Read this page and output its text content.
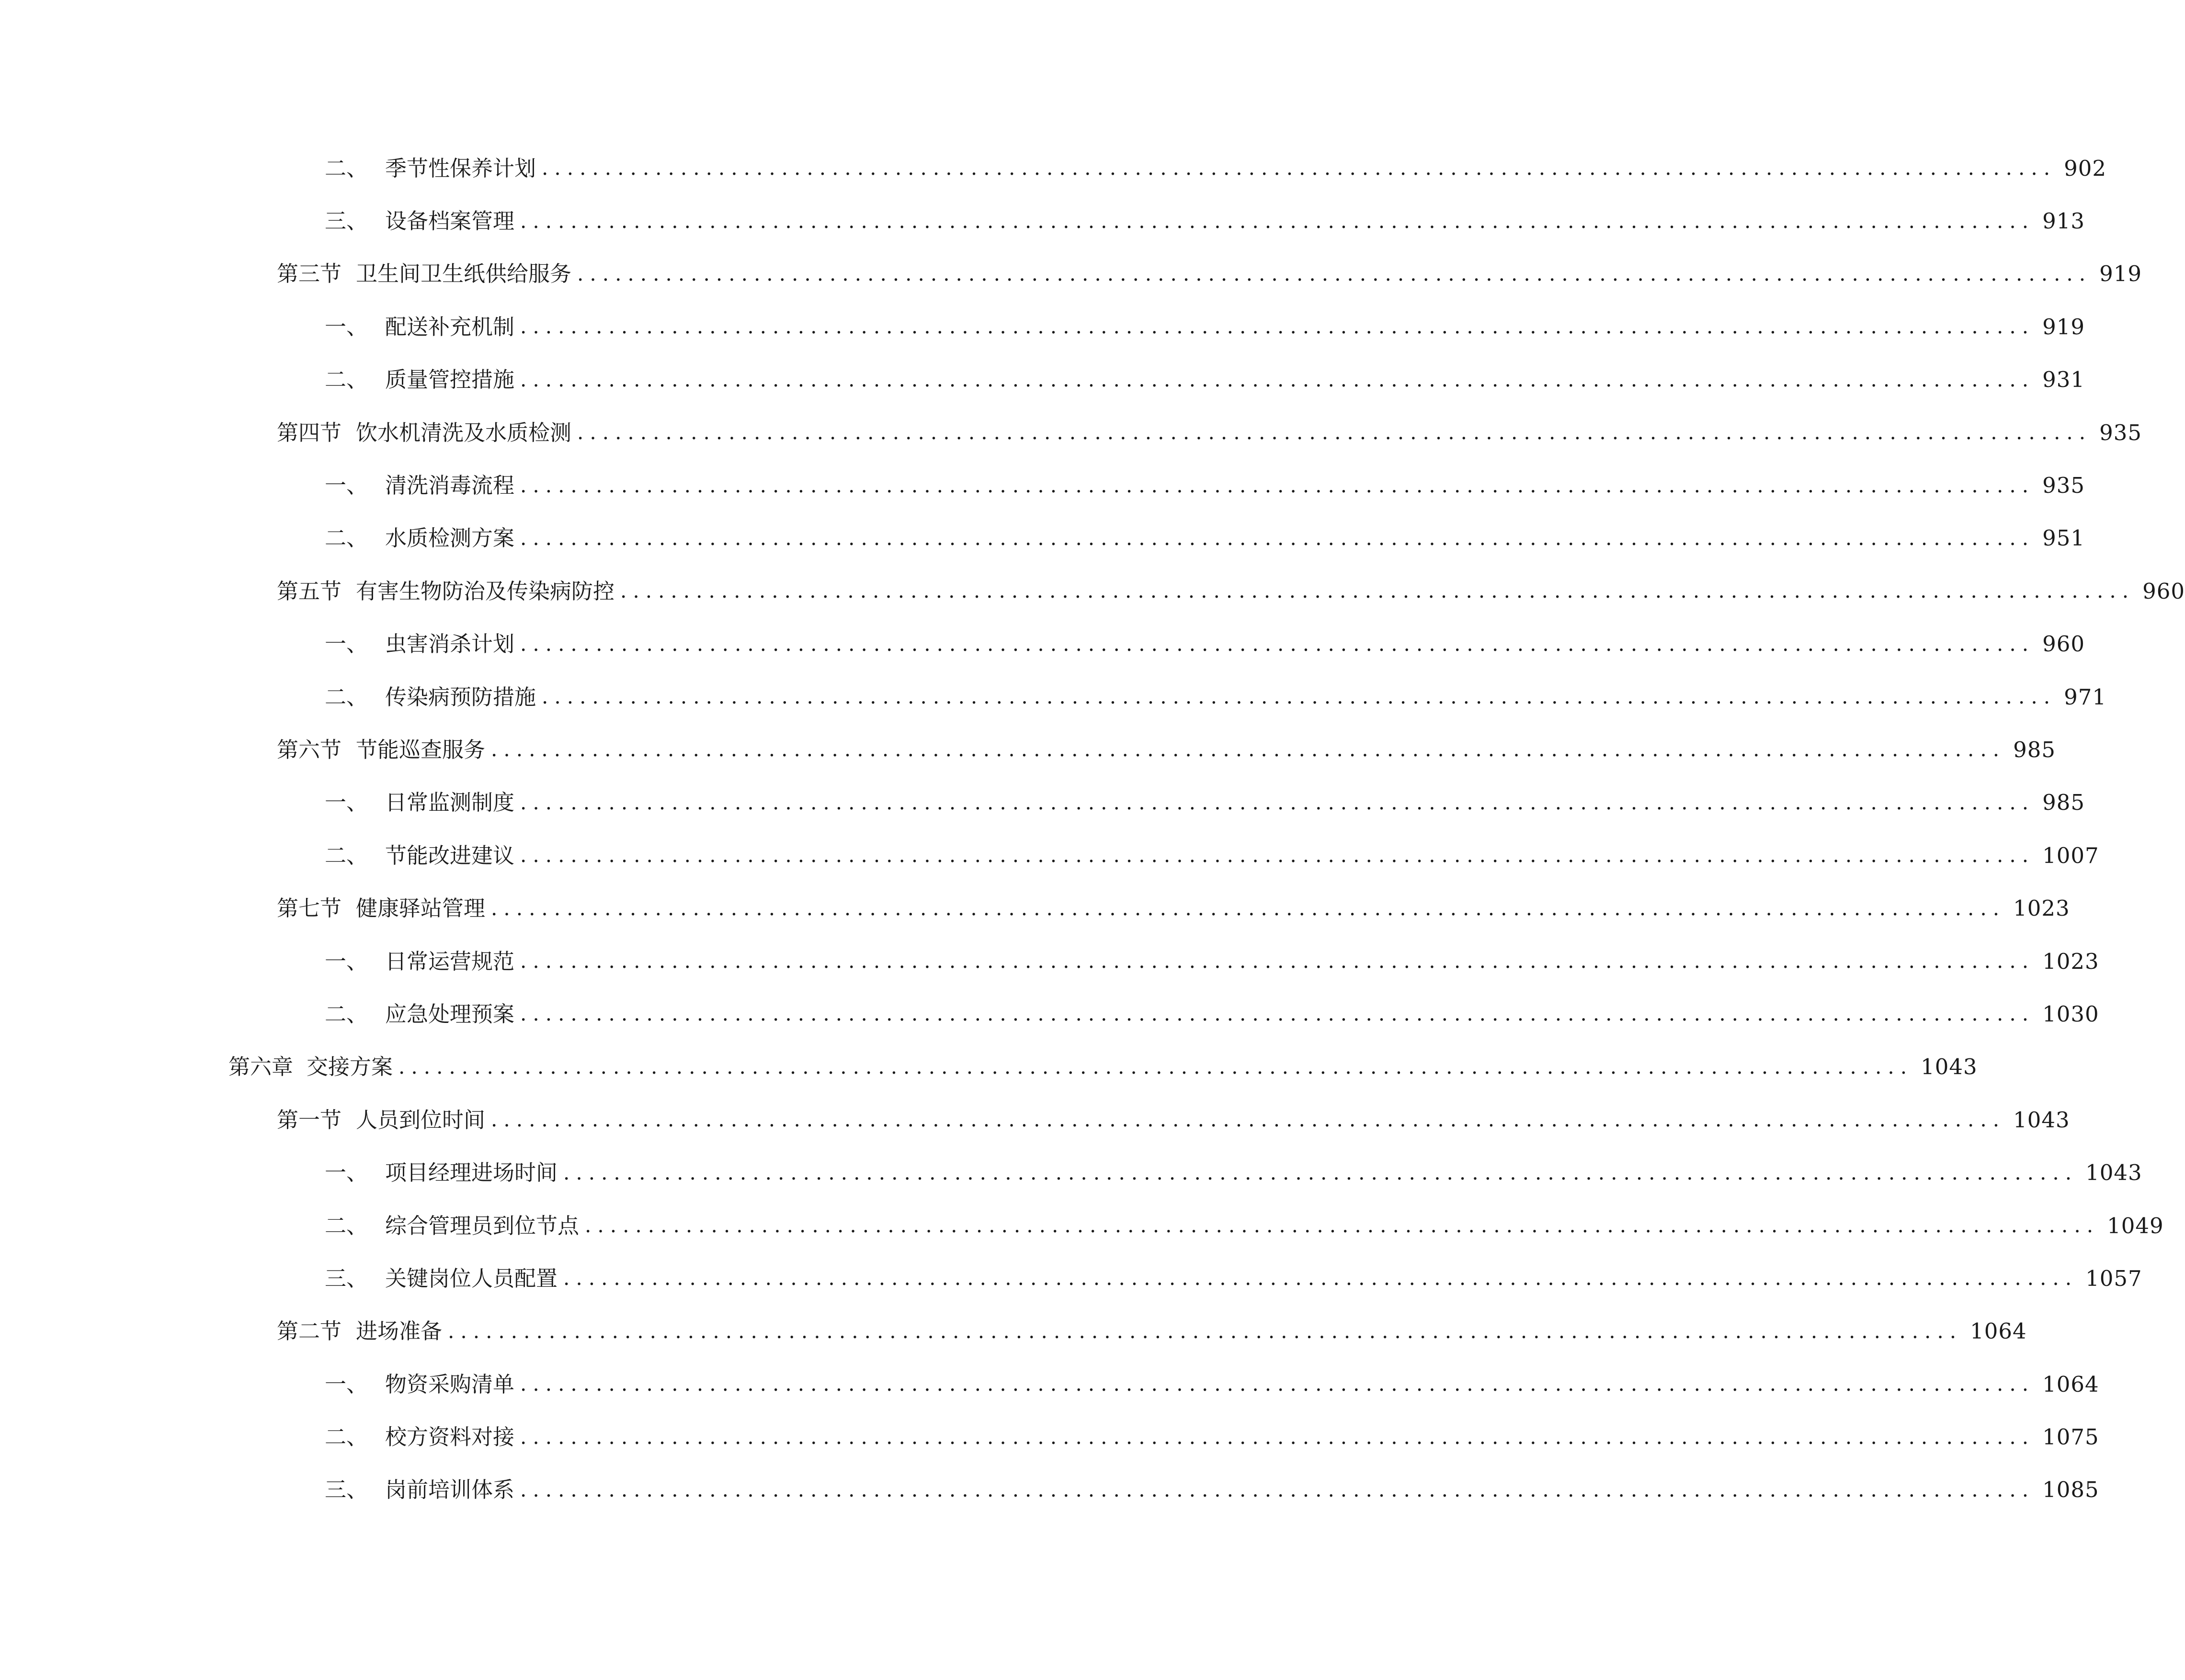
二、 季节性保养计划 ........................................................................................................................ 902
三、 设备档案管理 ........................................................................................................................ 913
第三节 卫生间卫生纸供给服务 ........................................................................................................................ 919
一、 配送补充机制 ........................................................................................................................ 919
二、 质量管控措施 ........................................................................................................................ 931
第四节 饮水机清洗及水质检测 ........................................................................................................................ 935
一、 清洗消毒流程 ........................................................................................................................ 935
二、 水质检测方案 ........................................................................................................................ 951
第五节 有害生物防治及传染病防控 ........................................................................................................................ 960
一、 虫害消杀计划 ........................................................................................................................ 960
二、 传染病预防措施 ........................................................................................................................ 971
第六节 节能巡查服务 ........................................................................................................................ 985
一、 日常监测制度 ........................................................................................................................ 985
二、 节能改进建议 ........................................................................................................................ 1007
第七节 健康驿站管理 ........................................................................................................................ 1023
一、 日常运营规范 ........................................................................................................................ 1023
二、 应急处理预案 ........................................................................................................................ 1030
第六章 交接方案 ........................................................................................................................ 1043
第一节 人员到位时间 ........................................................................................................................ 1043
一、 项目经理进场时间 ........................................................................................................................ 1043
二、 综合管理员到位节点 ........................................................................................................................ 1049
三、 关键岗位人员配置 ........................................................................................................................ 1057
第二节 进场准备 ........................................................................................................................ 1064
一、 物资采购清单 ........................................................................................................................ 1064
二、 校方资料对接 ........................................................................................................................ 1075
三、 岗前培训体系 ........................................................................................................................ 1085
